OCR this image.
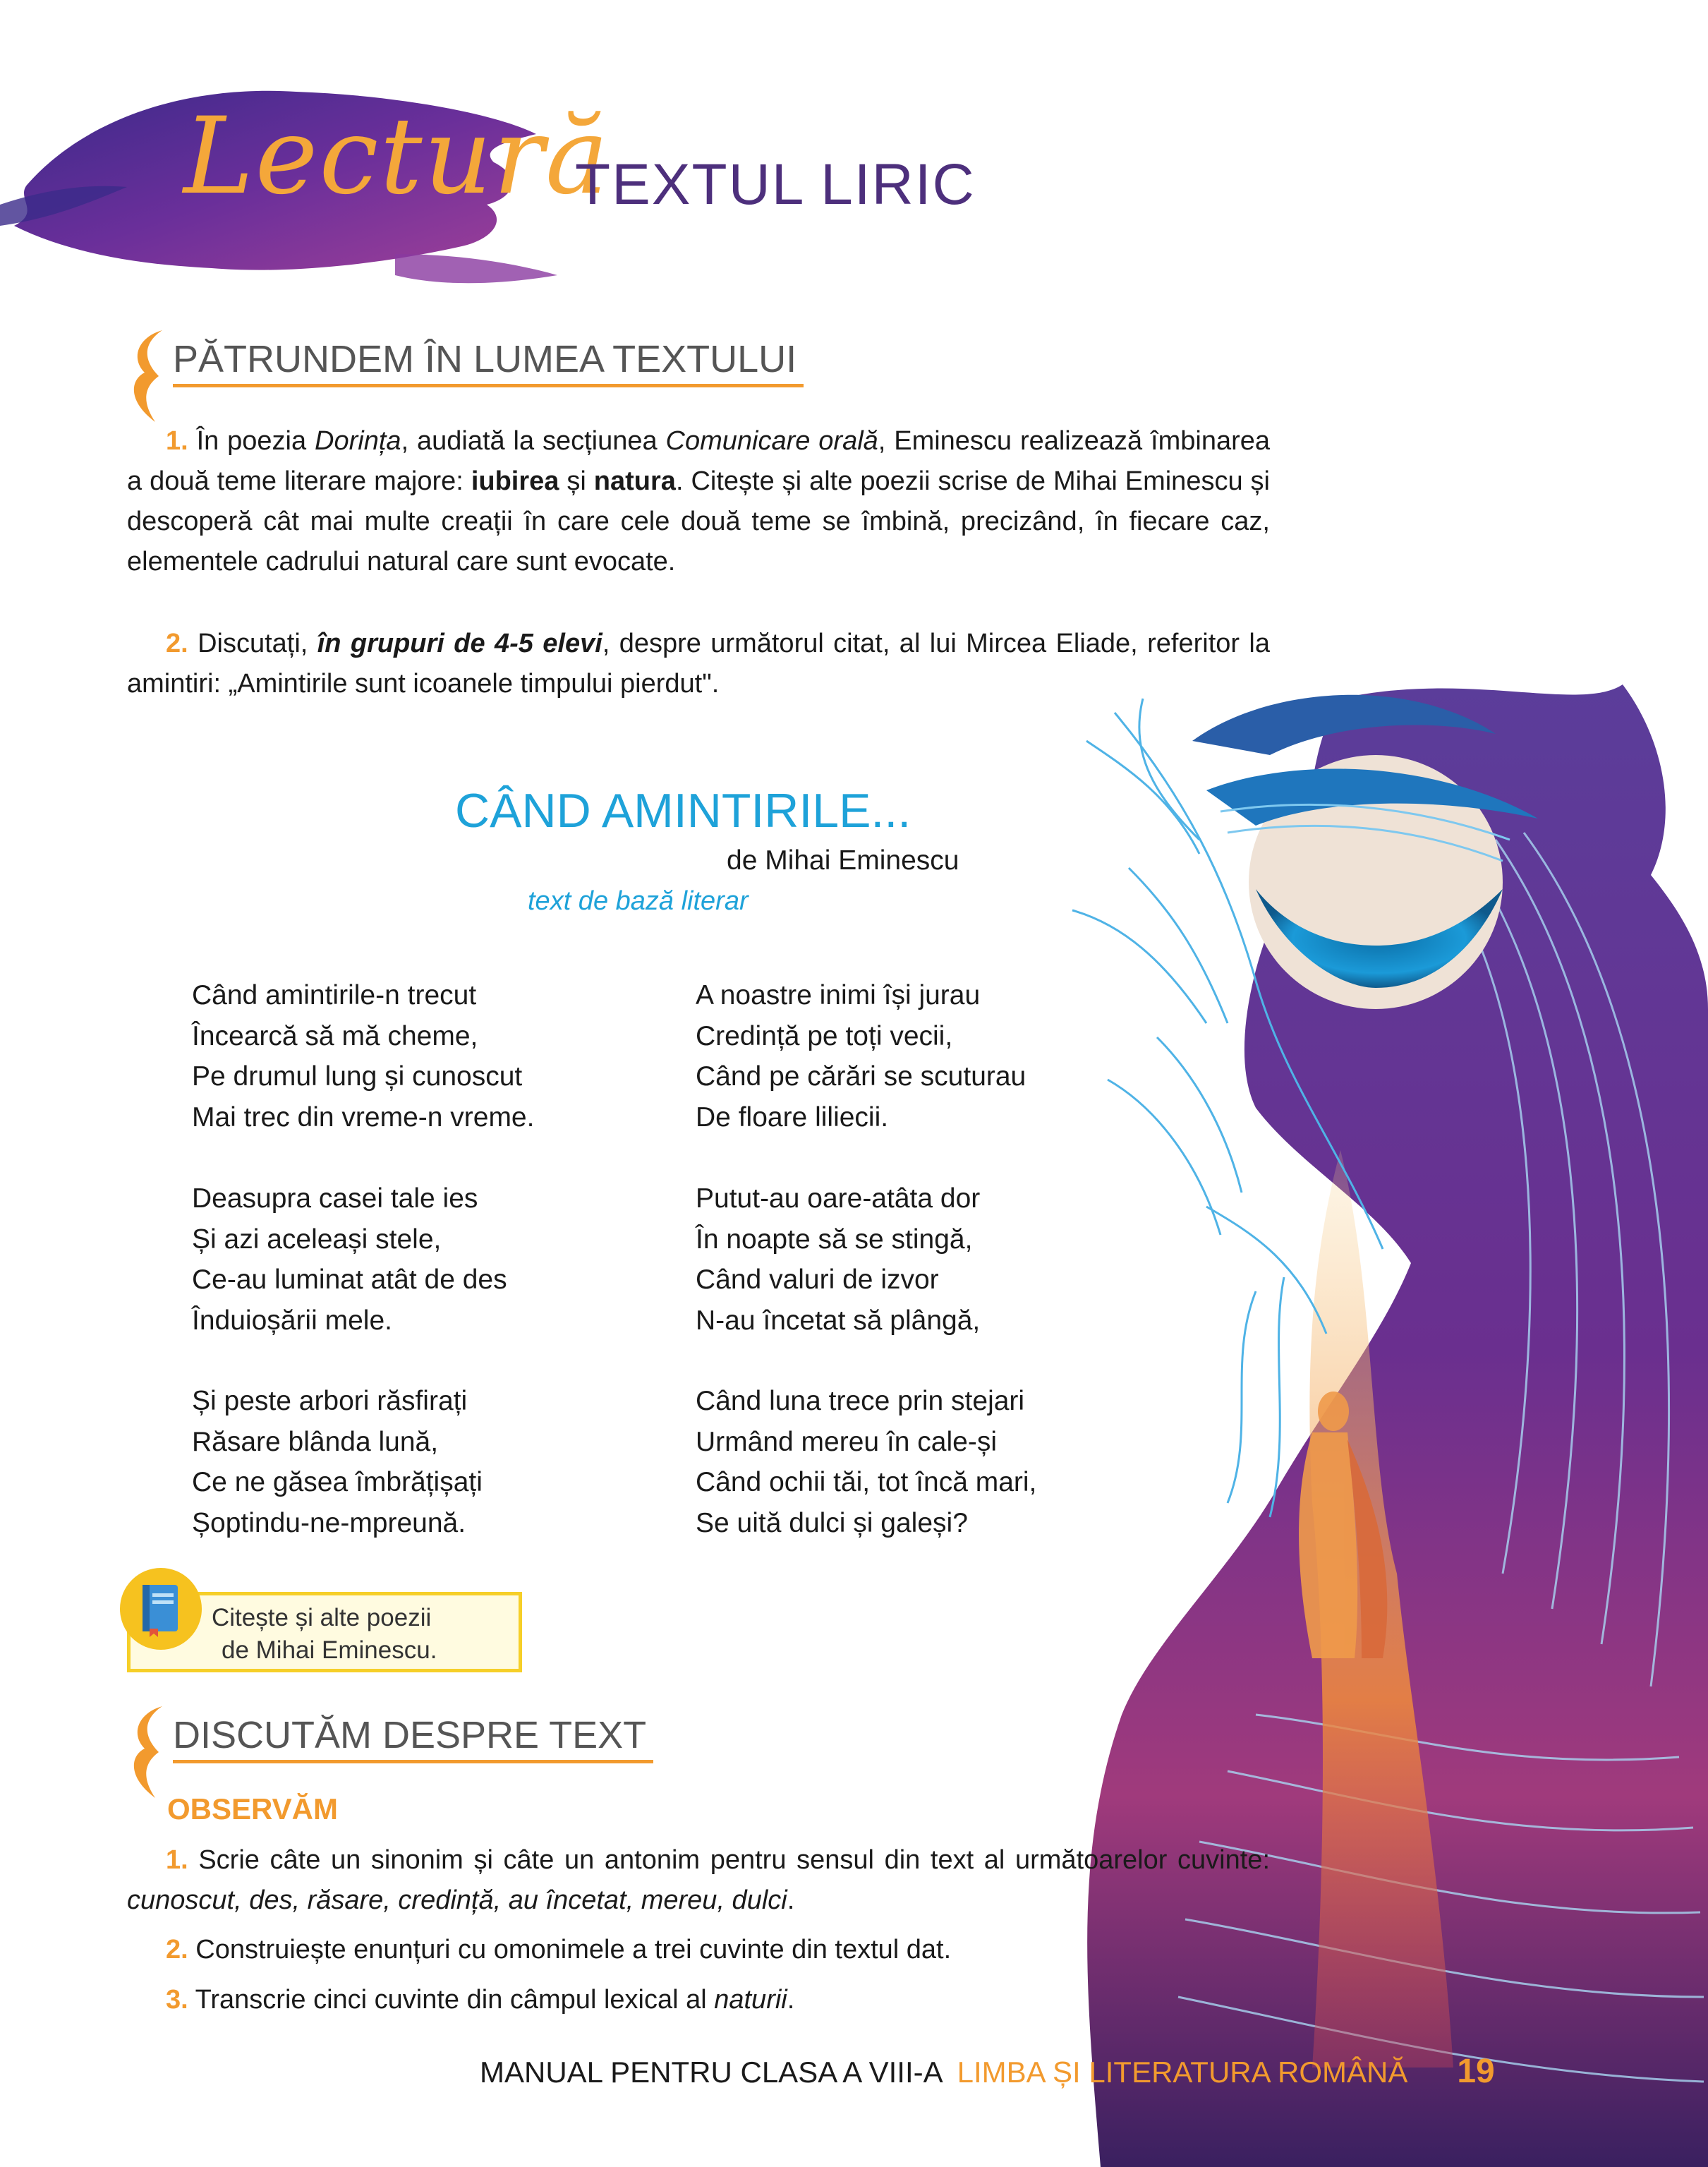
Lectură
TEXTUL LIRIC
PĂTRUNDEM ÎN LUMEA TEXTULUI
1. În poezia Dorința, audiată la secțiunea Comunicare orală, Eminescu realizează îmbinarea a două teme literare majore: iubirea și natura. Citește și alte poezii scrise de Mihai Eminescu și descoperă cât mai multe creații în care cele două teme se îmbină, precizând, în fiecare caz, elementele cadrului natural care sunt evocate.
2. Discutați, în grupuri de 4-5 elevi, despre următorul citat, al lui Mircea Eliade, referitor la amintiri: „Amintirile sunt icoanele timpului pierdut".
CÂND AMINTIRILE...
de Mihai Eminescu
text de bază literar
Când amintirile-n trecut
Încearcă să mă cheme,
Pe drumul lung și cunoscut
Mai trec din vreme-n vreme.
Deasupra casei tale ies
Și azi aceleași stele,
Ce-au luminat atât de des
Înduioșării mele.
Și peste arbori răsfirați
Răsare blânda lună,
Ce ne găsea îmbrățișați
Șoptindu-ne-mpreună.
A noastre inimi își jurau
Credință pe toți vecii,
Când pe cărări se scuturau
De floare liliecii.
Putut-au oare-atâta dor
În noapte să se stingă,
Când valuri de izvor
N-au încetat să plângă,
Când luna trece prin stejari
Urmând mereu în cale-și
Când ochii tăi, tot încă mari,
Se uită dulci și galeși?
Citește și alte poezii
de Mihai Eminescu.
DISCUTĂM DESPRE TEXT
OBSERVĂM
1. Scrie câte un sinonim și câte un antonim pentru sensul din text al următoarelor cuvinte: cunoscut, des, răsare, credință, au încetat, mereu, dulci.
2. Construiește enunțuri cu omonimele a trei cuvinte din textul dat.
3. Transcrie cinci cuvinte din câmpul lexical al naturii.
MANUAL PENTRU CLASA A VIII-A LIMBA ȘI LITERATURA ROMÂNĂ 19
